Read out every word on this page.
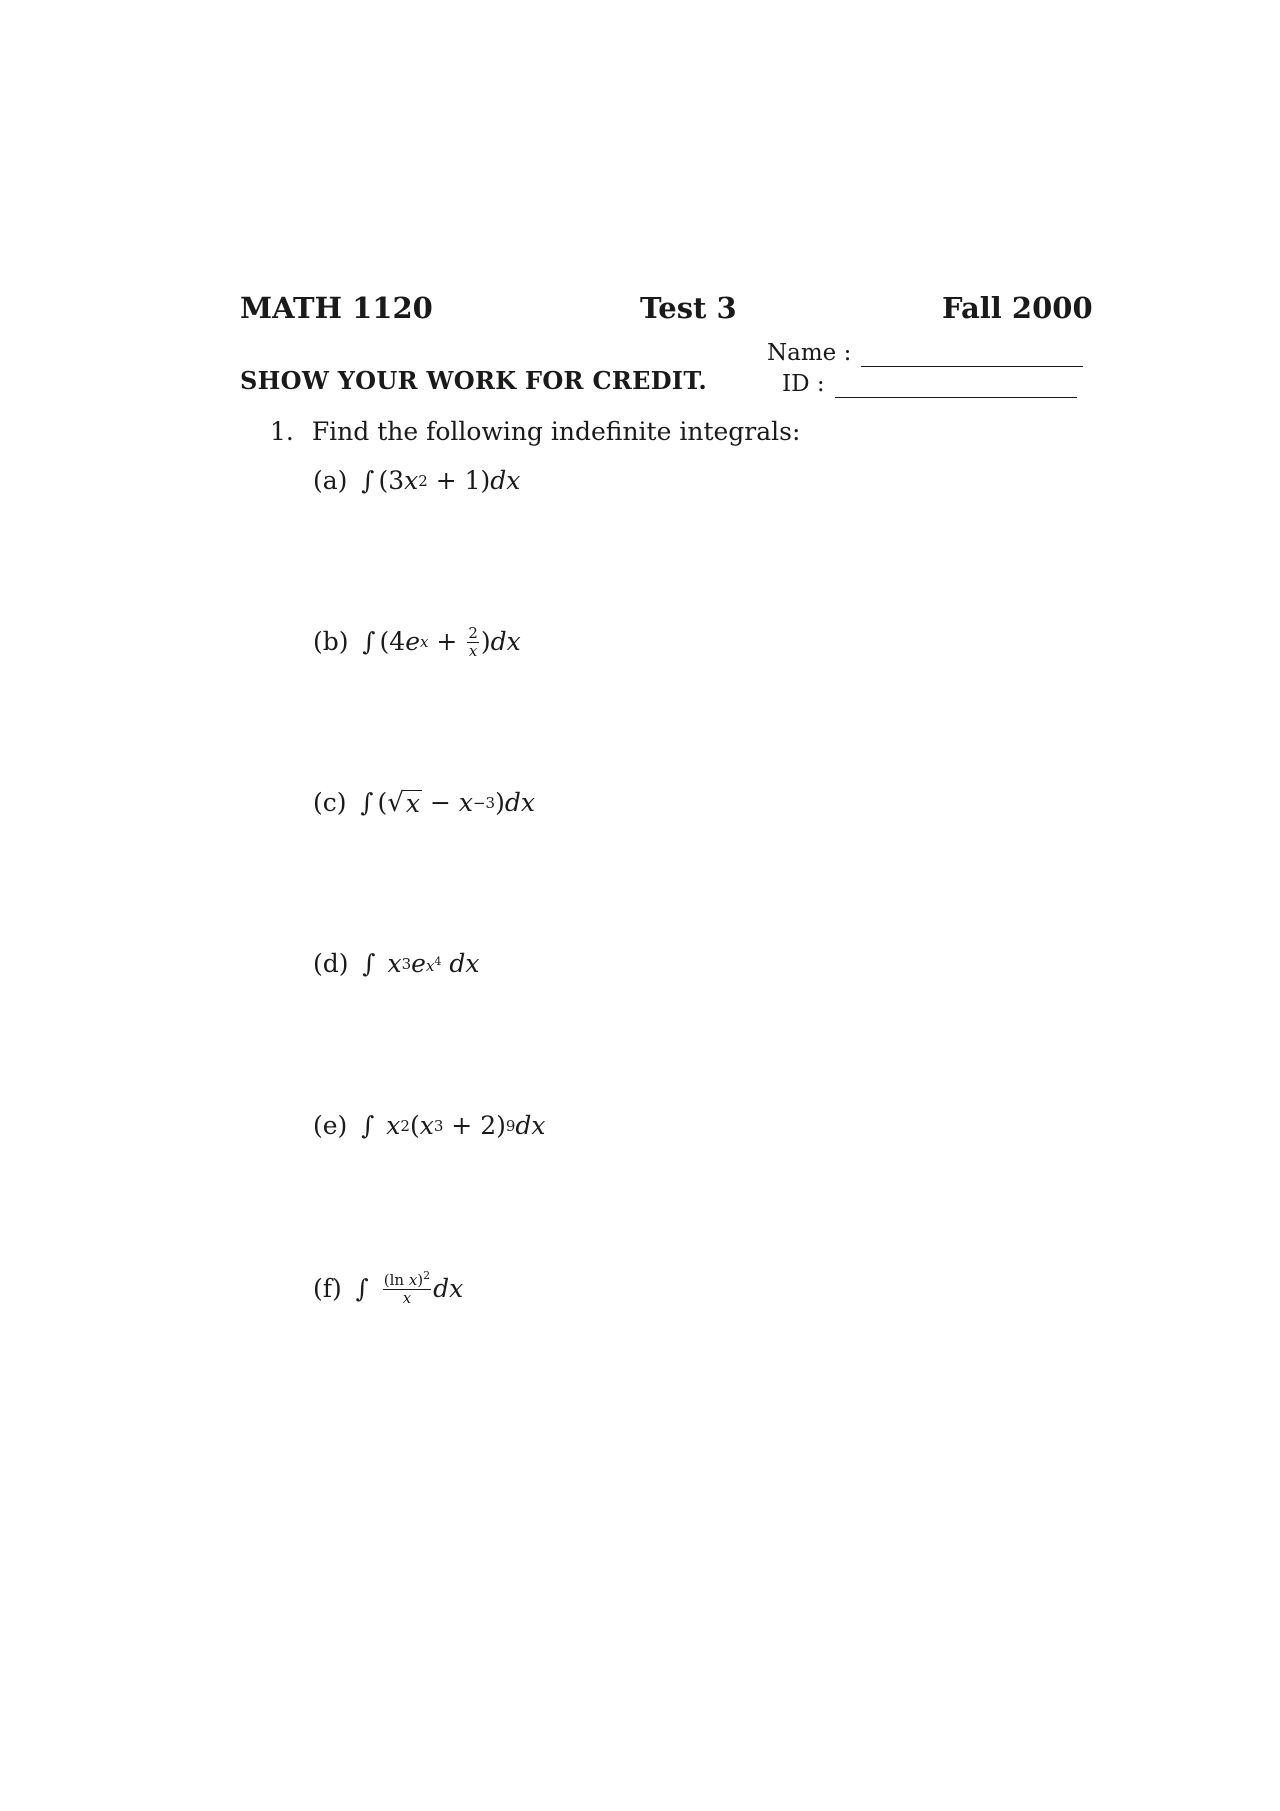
MATH 1120	Test 3	Fall 2000
Name :
ID :
SHOW YOUR WORK FOR CREDIT.
1. Find the following indefinite integrals:
(a) ∫ (3 x 2 + 1) dx
(b) ∫ (4 e $x + \frac{2}{x}$ ) dx
(c) ∫ ( √ x − x −3 ) dx
(d) ∫ x 3 e $x^4$ dx
(e) ∫ x 2 ( x 3 + 2) 9 dx
(f) ∫
$\frac{(\ln x)^2}{x}$ dx
